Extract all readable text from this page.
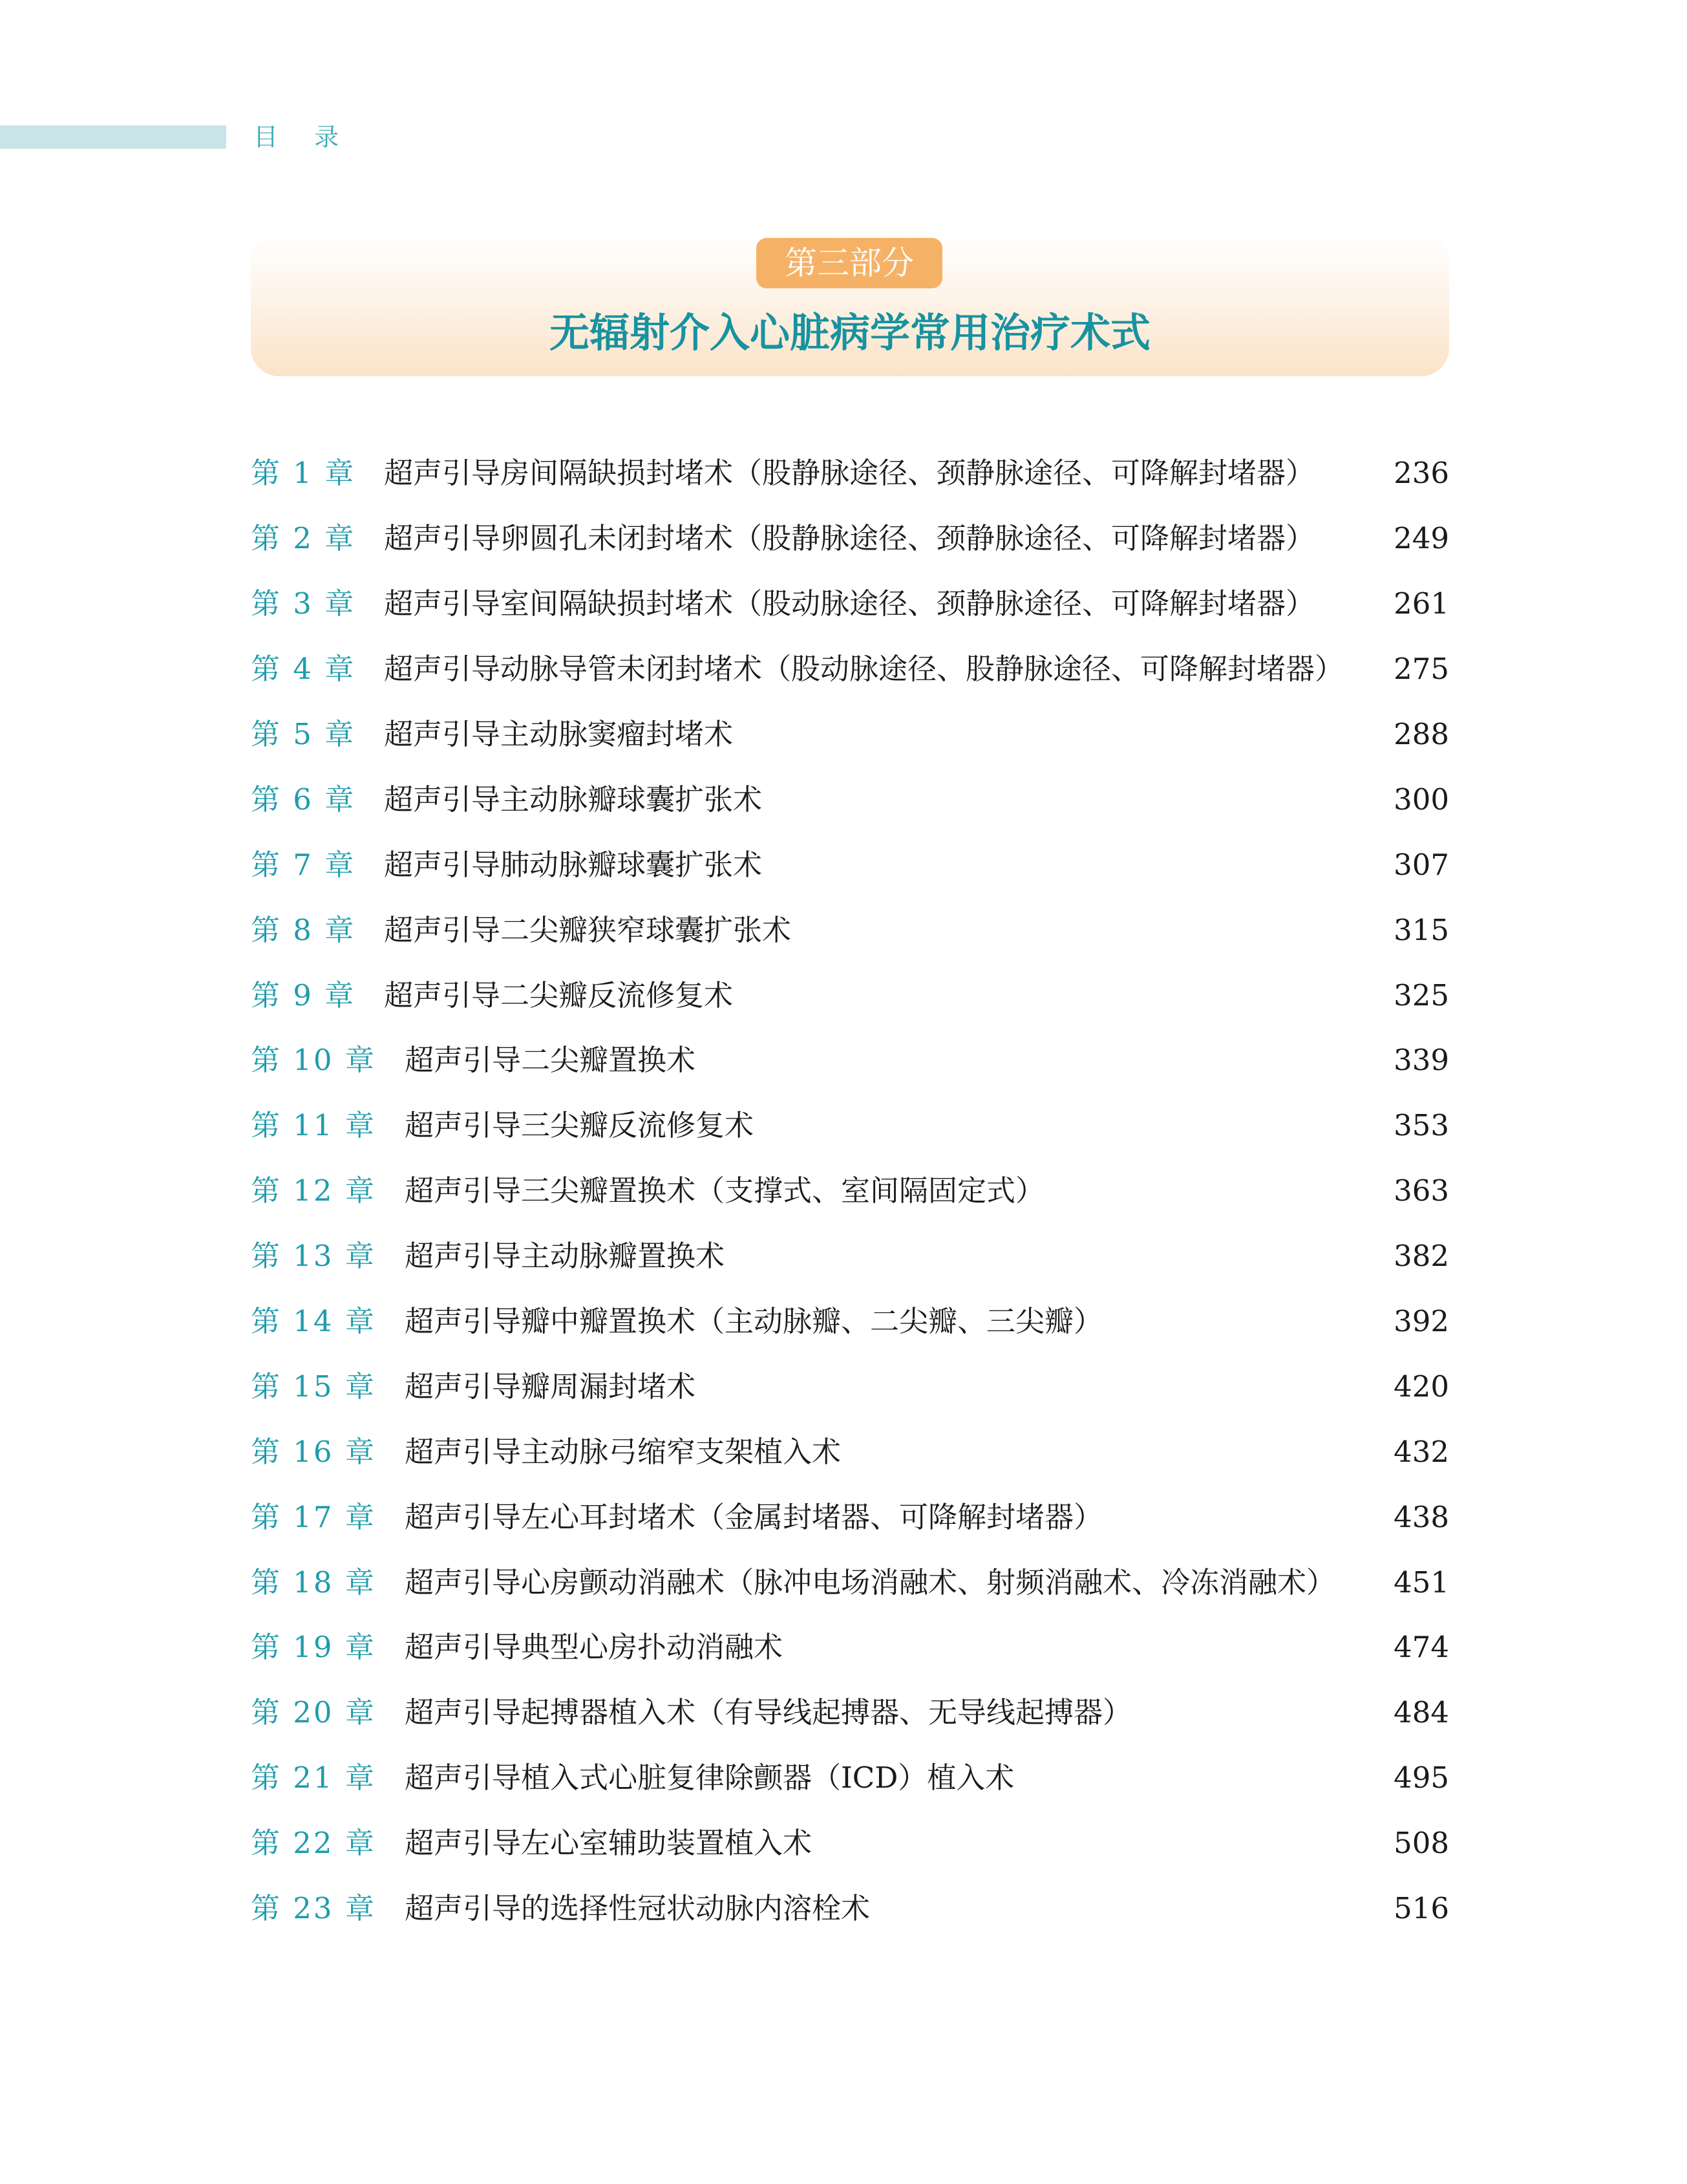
目 录
第三部分
无辐射介入心脏病学常用治疗术式
第 1 章 超声引导房间隔缺损封堵术（股静脉途径、颈静脉途径、可降解封堵器）	236
第 2 章 超声引导卵圆孔未闭封堵术（股静脉途径、颈静脉途径、可降解封堵器）	249
第 3 章 超声引导室间隔缺损封堵术（股动脉途径、颈静脉途径、可降解封堵器）	261
第 4 章 超声引导动脉导管未闭封堵术（股动脉途径、股静脉途径、可降解封堵器） 275
第 5 章 超声引导主动脉窦瘤封堵术	288
第 6 章 超声引导主动脉瓣球囊扩张术	300
第 7 章 超声引导肺动脉瓣球囊扩张术	307
第 8 章 超声引导二尖瓣狭窄球囊扩张术	315
第 9 章 超声引导二尖瓣反流修复术	325
第 10 章 超声引导二尖瓣置换术	339
第 11 章 超声引导三尖瓣反流修复术	353
第 12 章 超声引导三尖瓣置换术（支撑式、室间隔固定式）	363
第 13 章 超声引导主动脉瓣置换术	382
第 14 章 超声引导瓣中瓣置换术（主动脉瓣、二尖瓣、三尖瓣）	392
第 15 章 超声引导瓣周漏封堵术	420
第 16 章 超声引导主动脉弓缩窄支架植入术	432
第 17 章 超声引导左心耳封堵术（金属封堵器、可降解封堵器）	438
第 18 章 超声引导心房颤动消融术（脉冲电场消融术、射频消融术、冷冻消融术） 451
第 19 章 超声引导典型心房扑动消融术	474
第 20 章 超声引导起搏器植入术（有导线起搏器、无导线起搏器）	484
第 21 章 超声引导植入式心脏复律除颤器（ICD）植入术	495
第 22 章 超声引导左心室辅助装置植入术	508
第 23 章 超声引导的选择性冠状动脉内溶栓术	516
